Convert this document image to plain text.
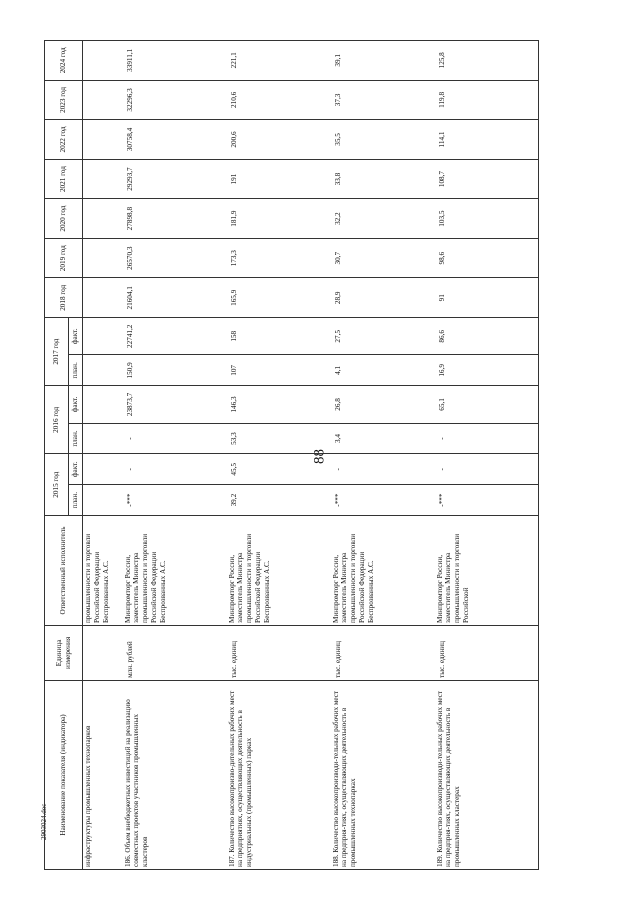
88
2903024.doc	Наименование показателя (индикатора)	Единица измерения	Ответственный исполнитель	2015 год		2016 год		2017 год		2018 год	2019 год	2020 год	2021 год	2022 год	2023 год	2024 год
			план.	факт.	план.	факт.	план.	факт.							
инфраструктуры промышленных технопарков		промышленности и торговли Российской Федерации Беспрозванных А.С.													
186. Объем внебюджетных инвестиций на реализацию совместных проектов участников промышленных кластеров	млн. рублей	Минпромторг России, заместитель Министра промышленности и торговли Российской Федерации Беспрозванных А.С.	-***	-	-	23873,7	150,9	22741,2	21604,1	26570,3	27898,8	29293,7	30758,4	32296,3	33911,1
187. Количество высокопроизво-дительных рабочих мест на предприятиях, осуществляющих деятельность в индустриальных (промышленных) парках	тыс. единиц	Минпромторг России, заместитель Министра промышленности и торговли Российской Федерации Беспрозванных А.С.	39,2	45,5	53,3	146,3	107	158	165,9	173,3	181,9	191	200,6	210,6	221,1
188. Количество высокопроизводи-тельных рабочих мест на предприя-тиях, осуществляющих деятельность в промышленных технопарках	тыс. единиц	Минпромторг России, заместитель Министра промышленности и торговли Российской Федерации Беспрозванных А.С.	-***	-	3,4	26,8	4,1	27,5	28,9	30,7	32,2	33,8	35,5	37,3	39,1
189. Количество высокопроизводи-тельных рабочих мест на предприя-тиях, осуществляющих деятельность в промышленных кластерах	тыс. единиц	Минпромторг России, заместитель Министра промышленности и торговли Российской	-***	-	-	65,1	16,9	86,6	91	98,6	103,5	108,7	114,1	119,8	125,8
